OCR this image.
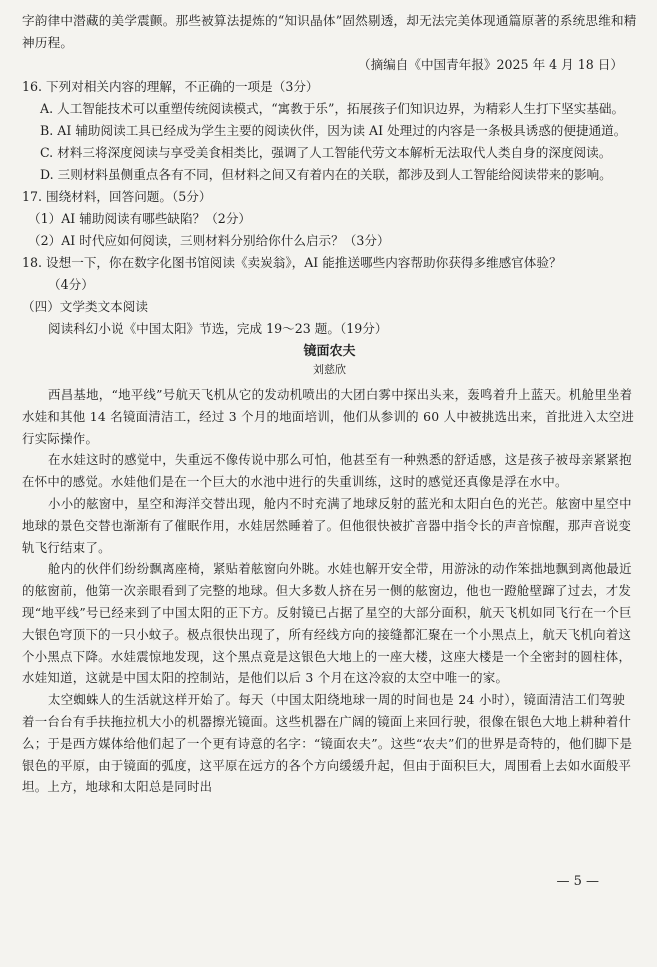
字韵律中潜藏的美学震颤。那些被算法提炼的“知识晶体”固然剔透，却无法完美体现通篇原著的系统思维和精神历程。

（摘编自《中国青年报》2025 年 4 月 18 日）

16. 下列对相关内容的理解，不正确的一项是（3分）

A. 人工智能技术可以重塑传统阅读模式，“寓教于乐”，拓展孩子们知识边界，为精彩人生打下坚实基础。

B. AI 辅助阅读工具已经成为学生主要的阅读伙伴，因为读 AI 处理过的内容是一条极具诱惑的便捷通道。

C. 材料三将深度阅读与享受美食相类比，强调了人工智能代劳文本解析无法取代人类自身的深度阅读。

D. 三则材料虽侧重点各有不同，但材料之间又有着内在的关联，都涉及到人工智能给阅读带来的影响。

17. 围绕材料，回答问题。（5分）

（1）AI 辅助阅读有哪些缺陷？（2分）

（2）AI 时代应如何阅读，三则材料分别给你什么启示？（3分）

18. 设想一下，你在数字化图书馆阅读《卖炭翁》，AI 能推送哪些内容帮助你获得多维感官体验？

（4分）

（四）文学类文本阅读

阅读科幻小说《中国太阳》节选，完成 19～23 题。（19分）

镜面农夫

刘慈欣

西昌基地，“地平线”号航天飞机从它的发动机喷出的大团白雾中探出头来，轰鸣着升上蓝天。机舱里坐着水娃和其他 14 名镜面清洁工，经过 3 个月的地面培训，他们从参训的 60 人中被挑选出来，首批进入太空进行实际操作。

在水娃这时的感觉中，失重远不像传说中那么可怕，他甚至有一种熟悉的舒适感，这是孩子被母亲紧紧抱在怀中的感觉。水娃他们是在一个巨大的水池中进行的失重训练，这时的感觉还真像是浮在水中。

小小的舷窗中，星空和海洋交替出现，舱内不时充满了地球反射的蓝光和太阳白色的光芒。舷窗中星空中地球的景色交替也渐渐有了催眠作用，水娃居然睡着了。但他很快被扩音器中指令长的声音惊醒，那声音说变轨飞行结束了。

舱内的伙伴们纷纷飘离座椅，紧贴着舷窗向外眺。水娃也解开安全带，用游泳的动作笨拙地飘到离他最近的舷窗前，他第一次亲眼看到了完整的地球。但大多数人挤在另一侧的舷窗边，他也一蹬舱壁蹿了过去，才发现“地平线”号已经来到了中国太阳的正下方。反射镜已占据了星空的大部分面积，航天飞机如同飞行在一个巨大银色穹顶下的一只小蚊子。极点很快出现了，所有经线方向的接缝都汇聚在一个小黑点上，航天飞机向着这个小黑点下降。水娃震惊地发现，这个黑点竟是这银色大地上的一座大楼，这座大楼是一个全密封的圆柱体，水娃知道，这就是中国太阳的控制站，是他们以后 3 个月在这冷寂的太空中唯一的家。

太空蜘蛛人的生活就这样开始了。每天（中国太阳绕地球一周的时间也是 24 小时），镜面清洁工们驾驶着一台台有手扶拖拉机大小的机器擦光镜面。这些机器在广阔的镜面上来回行驶，很像在银色大地上耕种着什么；于是西方媒体给他们起了一个更有诗意的名字：“镜面农夫”。这些“农夫”们的世界是奇特的，他们脚下是银色的平原，由于镜面的弧度，这平原在远方的各个方向缓缓升起，但由于面积巨大，周围看上去如水面般平坦。上方，地球和太阳总是同时出

— 5 —
